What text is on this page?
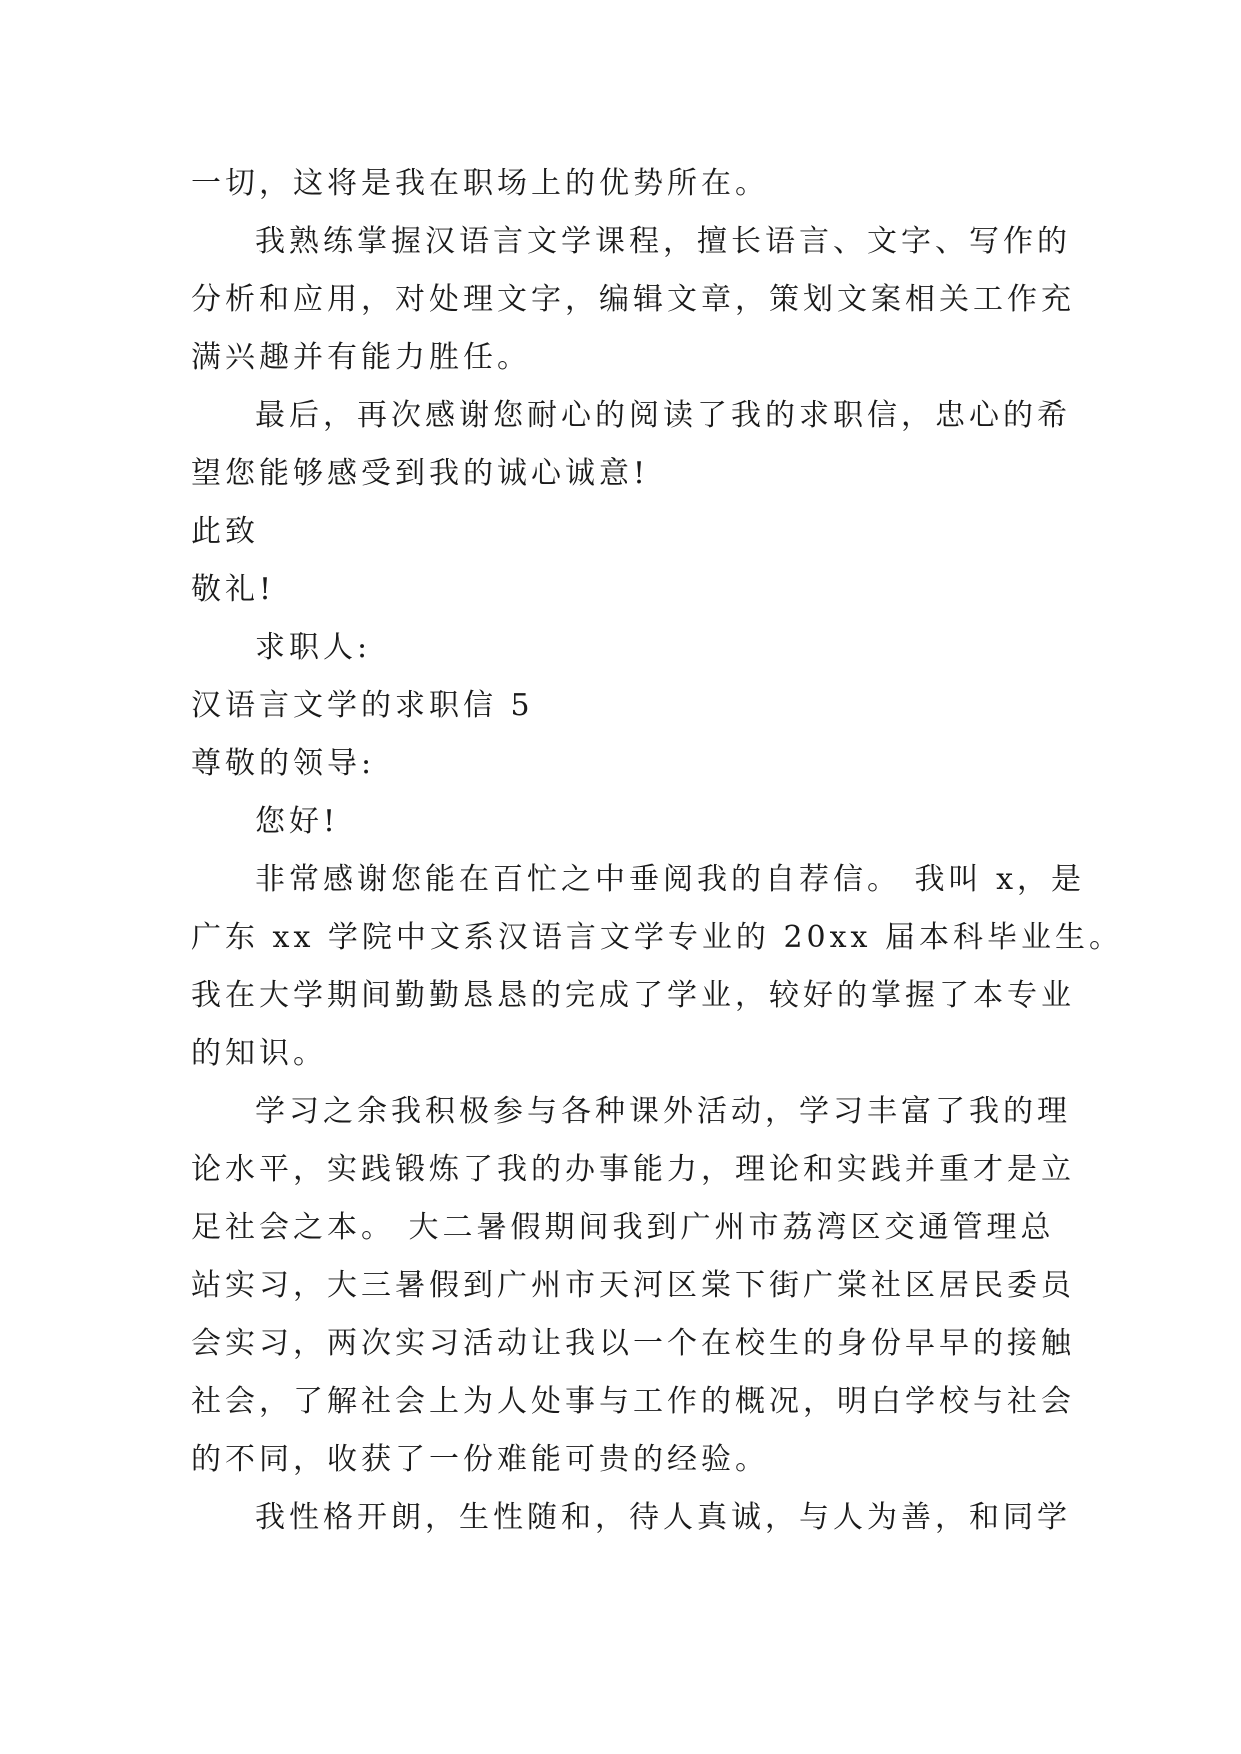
一切，这将是我在职场上的优势所在。
我熟练掌握汉语言文学课程，擅长语言、文字、写作的
分析和应用，对处理文字，编辑文章，策划文案相关工作充
满兴趣并有能力胜任。
最后，再次感谢您耐心的阅读了我的求职信，忠心的希
望您能够感受到我的诚心诚意!
此致
敬礼!
求职人:
汉语言文学的求职信 5
尊敬的领导:
您好!
非常感谢您能在百忙之中垂阅我的自荐信。 我叫 x，是
广东 xx 学院中文系汉语言文学专业的 20xx 届本科毕业生。
我在大学期间勤勤恳恳的完成了学业，较好的掌握了本专业
的知识。
学习之余我积极参与各种课外活动，学习丰富了我的理
论水平，实践锻炼了我的办事能力，理论和实践并重才是立
足社会之本。 大二暑假期间我到广州市荔湾区交通管理总
站实习，大三暑假到广州市天河区棠下街广棠社区居民委员
会实习，两次实习活动让我以一个在校生的身份早早的接触
社会，了解社会上为人处事与工作的概况，明白学校与社会
的不同，收获了一份难能可贵的经验。
我性格开朗，生性随和，待人真诚，与人为善，和同学
